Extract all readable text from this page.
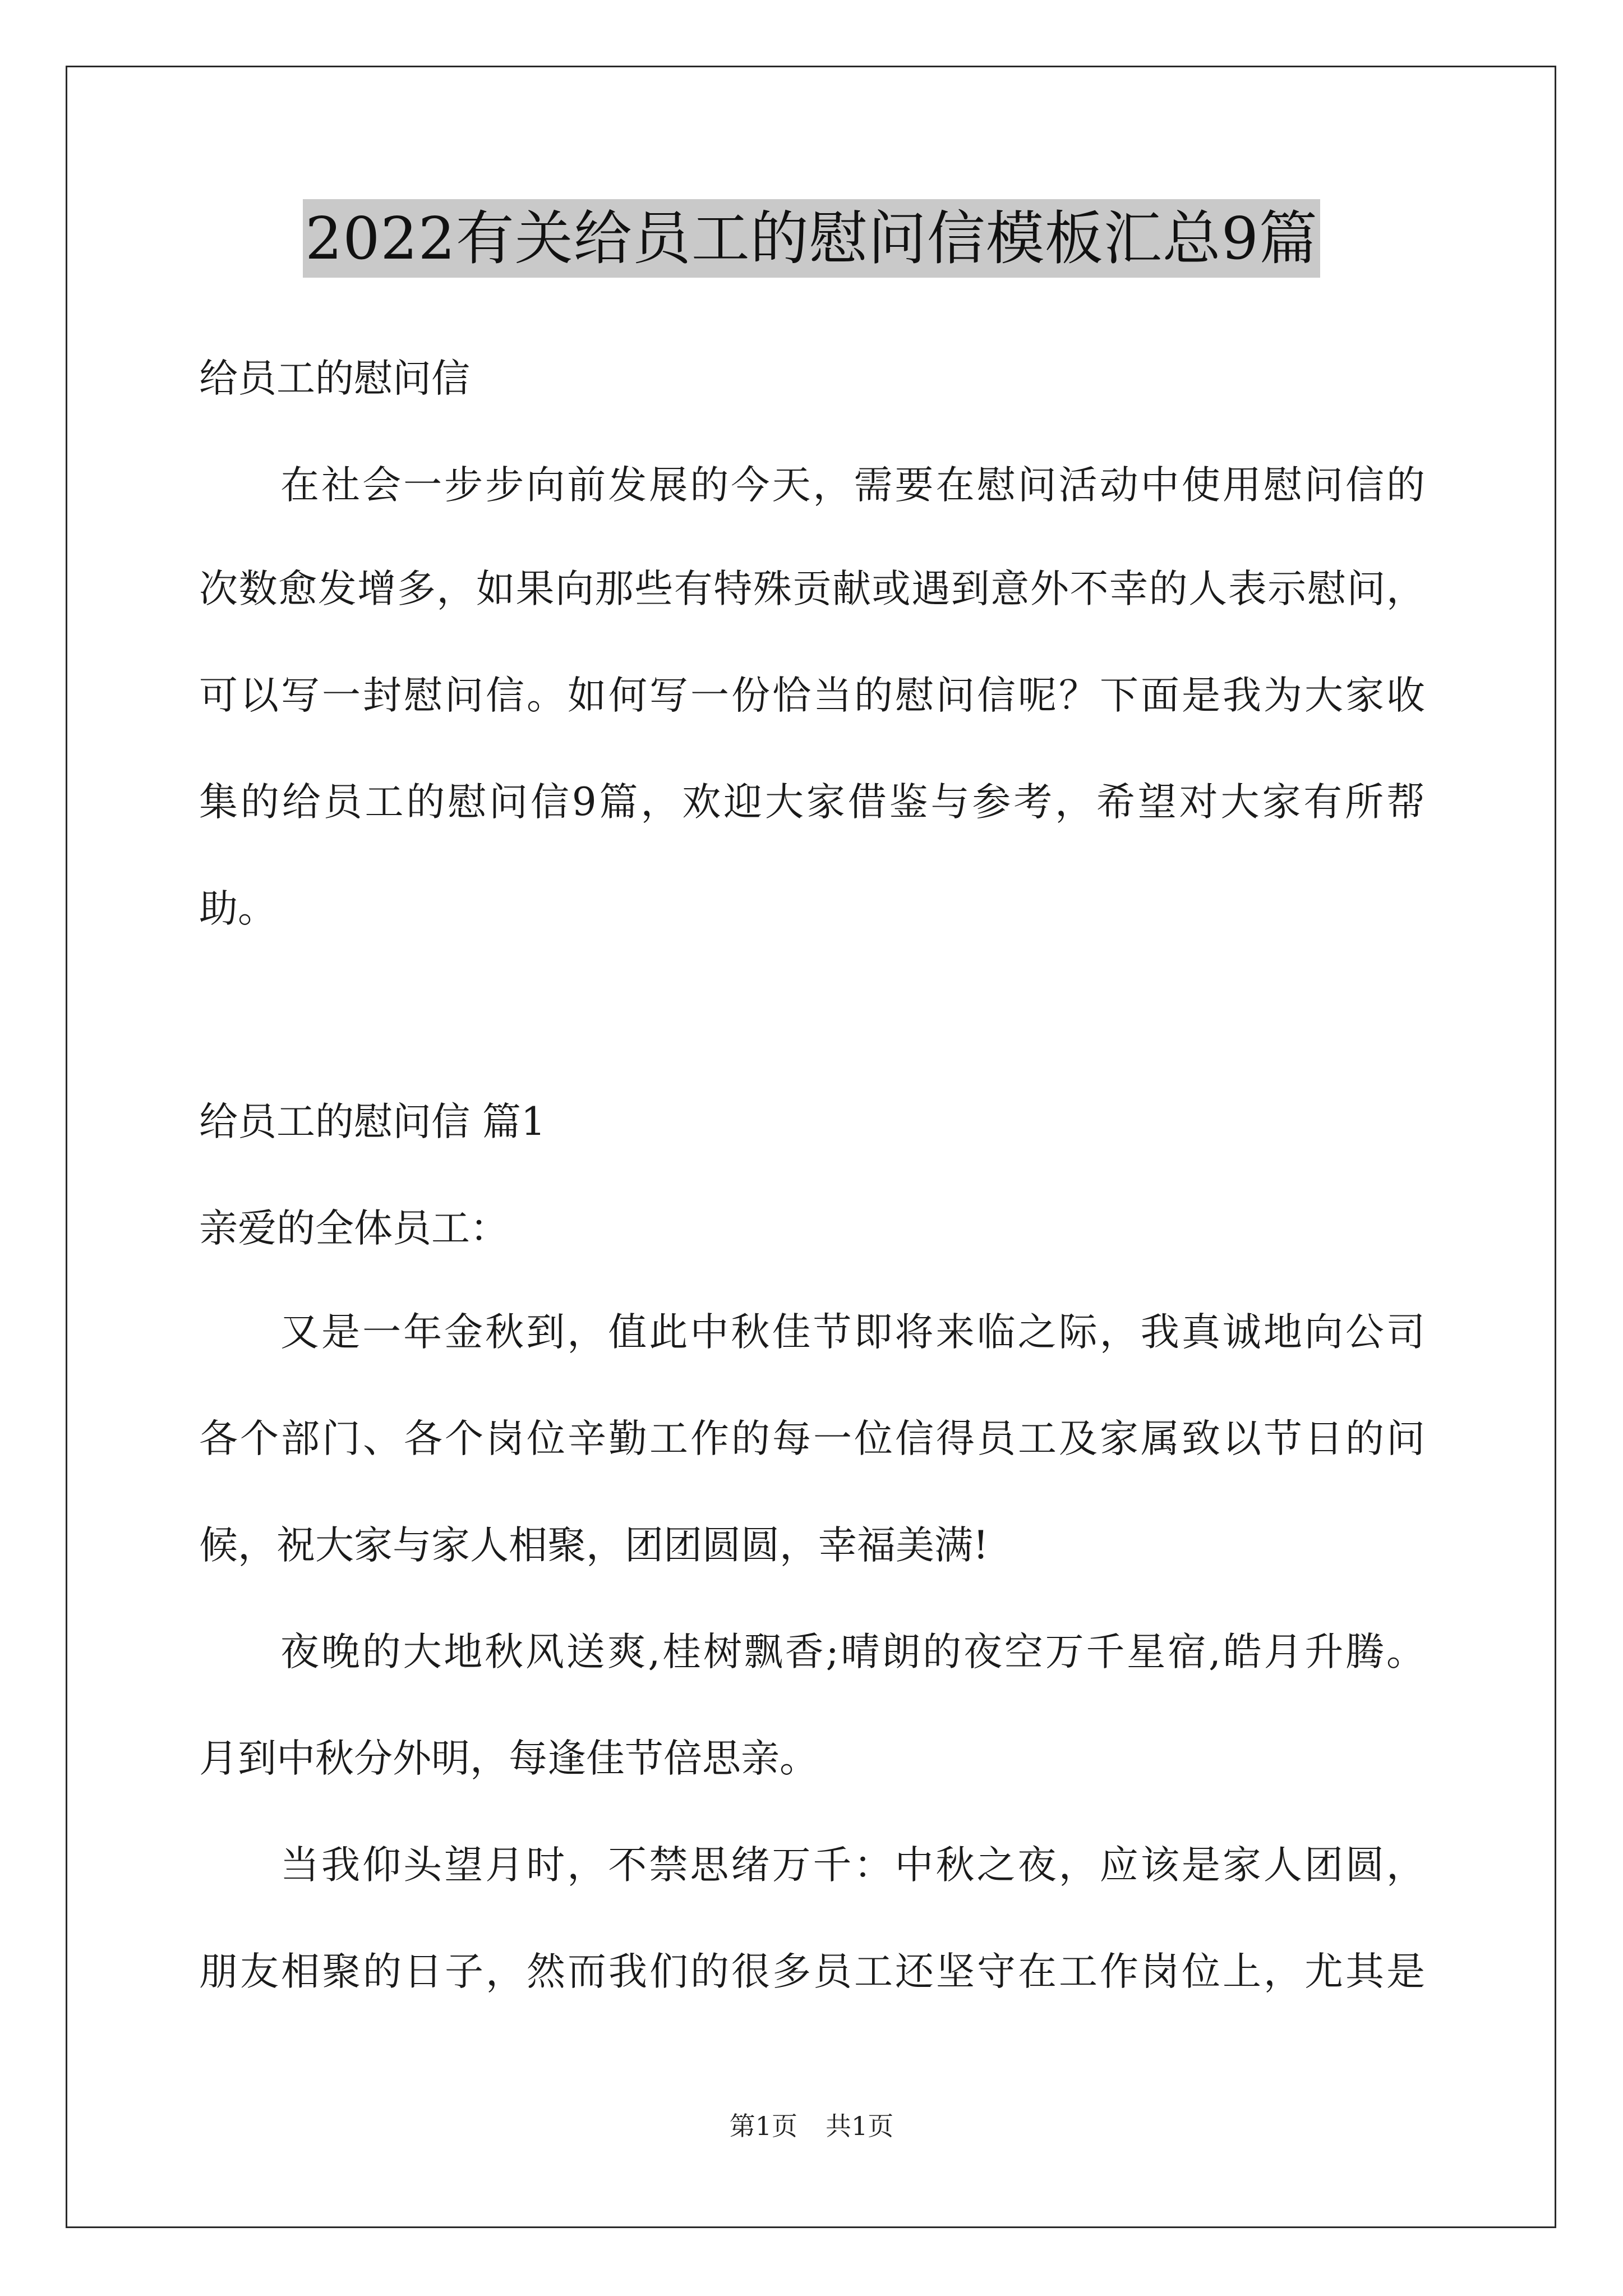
2022有关给员工的慰问信模板汇总9篇
给员工的慰问信
在社会一步步向前发展的今天，需要在慰问活动中使用慰问信的
次数愈发增多，如果向那些有特殊贡献或遇到意外不幸的人表示慰问，
可以写一封慰问信。如何写一份恰当的慰问信呢？下面是我为大家收
集的给员工的慰问信9篇，欢迎大家借鉴与参考，希望对大家有所帮
助。
给员工的慰问信 篇1
亲爱的全体员工：
又是一年金秋到，值此中秋佳节即将来临之际，我真诚地向公司
各个部门、各个岗位辛勤工作的每一位信得员工及家属致以节日的问
候，祝大家与家人相聚，团团圆圆，幸福美满!
夜晚的大地秋风送爽,桂树飘香;晴朗的夜空万千星宿,皓月升腾。
月到中秋分外明，每逢佳节倍思亲。
当我仰头望月时，不禁思绪万千：中秋之夜，应该是家人团圆，
朋友相聚的日子，然而我们的很多员工还坚守在工作岗位上，尤其是
第1页 共1页
